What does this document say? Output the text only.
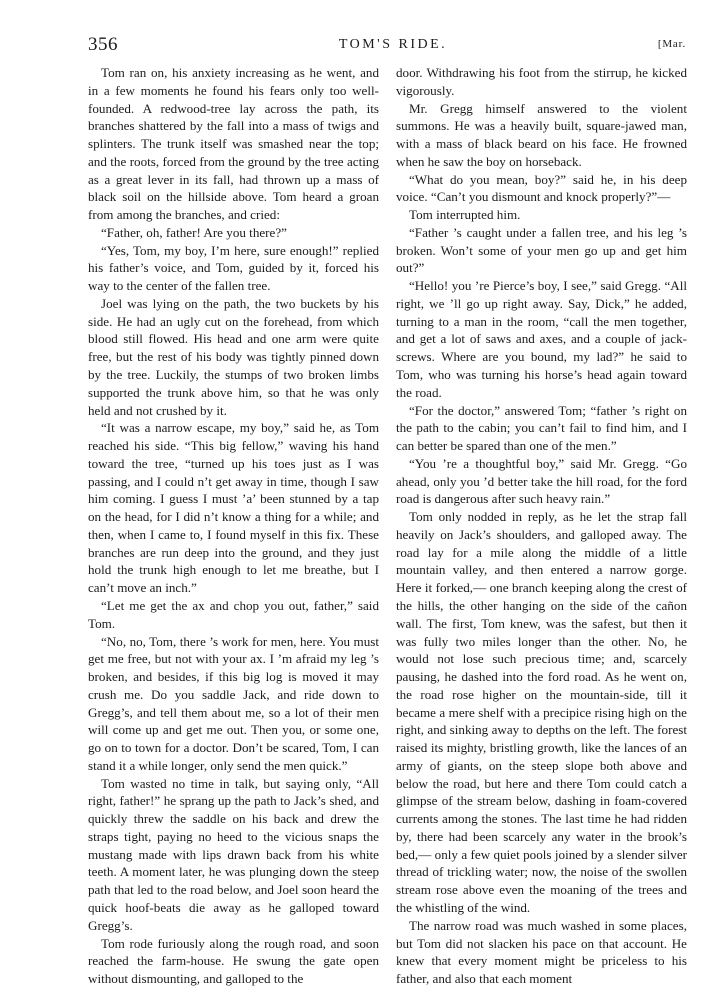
356	TOM'S RIDE.	[Mar.

Tom ran on, his anxiety increasing as he went, and in a few moments he found his fears only too well-founded. A redwood-tree lay across the path, its branches shattered by the fall into a mass of twigs and splinters. The trunk itself was smashed near the top; and the roots, forced from the ground by the tree acting as a great lever in its fall, had thrown up a mass of black soil on the hillside above. Tom heard a groan from among the branches, and cried:

“Father, oh, father! Are you there?”

“Yes, Tom, my boy, I’m here, sure enough!” replied his father’s voice, and Tom, guided by it, forced his way to the center of the fallen tree.

Joel was lying on the path, the two buckets by his side. He had an ugly cut on the forehead, from which blood still flowed. His head and one arm were quite free, but the rest of his body was tightly pinned down by the tree. Luckily, the stumps of two broken limbs supported the trunk above him, so that he was only held and not crushed by it.

“It was a narrow escape, my boy,” said he, as Tom reached his side. “This big fellow,” waving his hand toward the tree, “turned up his toes just as I was passing, and I could n’t get away in time, though I saw him coming. I guess I must ’a’ been stunned by a tap on the head, for I did n’t know a thing for a while; and then, when I came to, I found myself in this fix. These branches are run deep into the ground, and they just hold the trunk high enough to let me breathe, but I can’t move an inch.”

“Let me get the ax and chop you out, father,” said Tom.

“No, no, Tom, there ’s work for men, here. You must get me free, but not with your ax. I ’m afraid my leg ’s broken, and besides, if this big log is moved it may crush me. Do you saddle Jack, and ride down to Gregg’s, and tell them about me, so a lot of their men will come up and get me out. Then you, or some one, go on to town for a doctor. Don’t be scared, Tom, I can stand it a while longer, only send the men quick.”

Tom wasted no time in talk, but saying only, “All right, father!” he sprang up the path to Jack’s shed, and quickly threw the saddle on his back and drew the straps tight, paying no heed to the vicious snaps the mustang made with lips drawn back from his white teeth. A moment later, he was plunging down the steep path that led to the road below, and Joel soon heard the quick hoof-beats die away as he galloped toward Gregg’s.

Tom rode furiously along the rough road, and soon reached the farm-house. He swung the gate open without dismounting, and galloped to the

door. Withdrawing his foot from the stirrup, he kicked vigorously.

Mr. Gregg himself answered to the violent summons. He was a heavily built, square-jawed man, with a mass of black beard on his face. He frowned when he saw the boy on horseback.

“What do you mean, boy?” said he, in his deep voice. “Can’t you dismount and knock properly?”—

Tom interrupted him.

“Father ’s caught under a fallen tree, and his leg ’s broken. Won’t some of your men go up and get him out?”

“Hello! you ’re Pierce’s boy, I see,” said Gregg. “All right, we ’ll go up right away. Say, Dick,” he added, turning to a man in the room, “call the men together, and get a lot of saws and axes, and a couple of jack-screws. Where are you bound, my lad?” he said to Tom, who was turning his horse’s head again toward the road.

“For the doctor,” answered Tom; “father ’s right on the path to the cabin; you can’t fail to find him, and I can better be spared than one of the men.”

“You ’re a thoughtful boy,” said Mr. Gregg. “Go ahead, only you ’d better take the hill road, for the ford road is dangerous after such heavy rain.”

Tom only nodded in reply, as he let the strap fall heavily on Jack’s shoulders, and galloped away. The road lay for a mile along the middle of a little mountain valley, and then entered a narrow gorge. Here it forked,— one branch keeping along the crest of the hills, the other hanging on the side of the cañon wall. The first, Tom knew, was the safest, but then it was fully two miles longer than the other. No, he would not lose such precious time; and, scarcely pausing, he dashed into the ford road. As he went on, the road rose higher on the mountain-side, till it became a mere shelf with a precipice rising high on the right, and sinking away to depths on the left. The forest raised its mighty, bristling growth, like the lances of an army of giants, on the steep slope both above and below the road, but here and there Tom could catch a glimpse of the stream below, dashing in foam-covered currents among the stones. The last time he had ridden by, there had been scarcely any water in the brook’s bed,— only a few quiet pools joined by a slender silver thread of trickling water; now, the noise of the swollen stream rose above even the moaning of the trees and the whistling of the wind.

The narrow road was much washed in some places, but Tom did not slacken his pace on that account. He knew that every moment might be priceless to his father, and also that each moment
